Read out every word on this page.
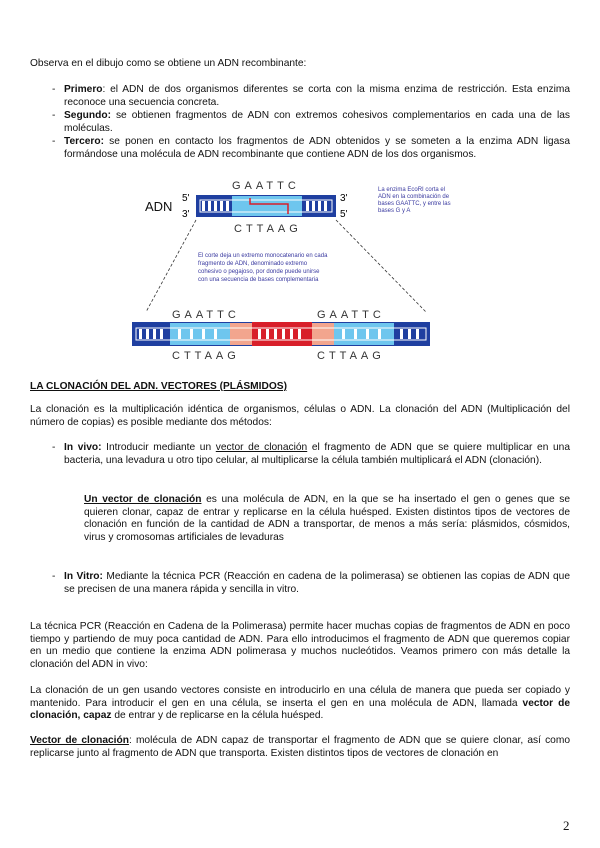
Observa en el dibujo como se obtiene un ADN recombinante:

- Primero: el ADN de dos organismos diferentes se corta con la misma enzima de restricción. Esta enzima reconoce una secuencia concreta.
- Segundo: se obtienen fragmentos de ADN con extremos cohesivos complementarios en cada una de las moléculas.
- Tercero: se ponen en contacto los fragmentos de ADN obtenidos y se someten a la enzima ADN ligasa formándose una molécula de ADN recombinante que contiene ADN de los dos organismos.
ADN
5'
3'
3'
5'
GAATTC
CTTAAG
La enzima EcoRI corta el
ADN en la combinación de
bases GAATTC, y entre las
bases G y A
El corte deja un extremo monocatenario en cada
fragmento de ADN, denominado extremo
cohesivo o pegajoso, por donde puede unirse
con una secuencia de bases complementaria
GAATTC	GAATTC
CTTAAG	CTTAAG

LA CLONACIÓN DEL ADN. VECTORES (PLÁSMIDOS)

La clonación es la multiplicación idéntica de organismos, células o ADN. La clonación del ADN (Multiplicación del número de copias) es posible mediante dos métodos:

- In vivo: Introducir mediante un vector de clonación el fragmento de ADN que se quiere multiplicar en una bacteria, una levadura u otro tipo celular, al multiplicarse la célula también multiplicará el ADN (clonación).
Un vector de clonación es una molécula de ADN, en la que se ha insertado el gen o genes que se quieren clonar, capaz de entrar y replicarse en la célula huésped. Existen distintos tipos de vectores de clonación en función de la cantidad de ADN a transportar, de menos a más sería: plásmidos, cósmidos, virus y cromosomas artificiales de levaduras
- In Vitro: Mediante la técnica PCR (Reacción en cadena de la polimerasa) se obtienen las copias de ADN que se precisen de una manera rápida y sencilla in vitro.

La técnica PCR (Reacción en Cadena de la Polimerasa) permite hacer muchas copias de fragmentos de ADN en poco tiempo y partiendo de muy poca cantidad de ADN. Para ello introducimos el fragmento de ADN que queremos copiar en un medio que contiene la enzima ADN polimerasa y muchos nucleótidos. Veamos primero con más detalle la clonación del ADN in vivo:

La clonación de un gen usando vectores consiste en introducirlo en una célula de manera que pueda ser copiado y mantenido. Para introducir el gen en una célula, se inserta el gen en una molécula de ADN, llamada vector de clonación, capaz de entrar y de replicarse en la célula huésped.

Vector de clonación: molécula de ADN capaz de transportar el fragmento de ADN que se quiere clonar, así como replicarse junto al fragmento de ADN que transporta. Existen distintos tipos de vectores de clonación en

2
